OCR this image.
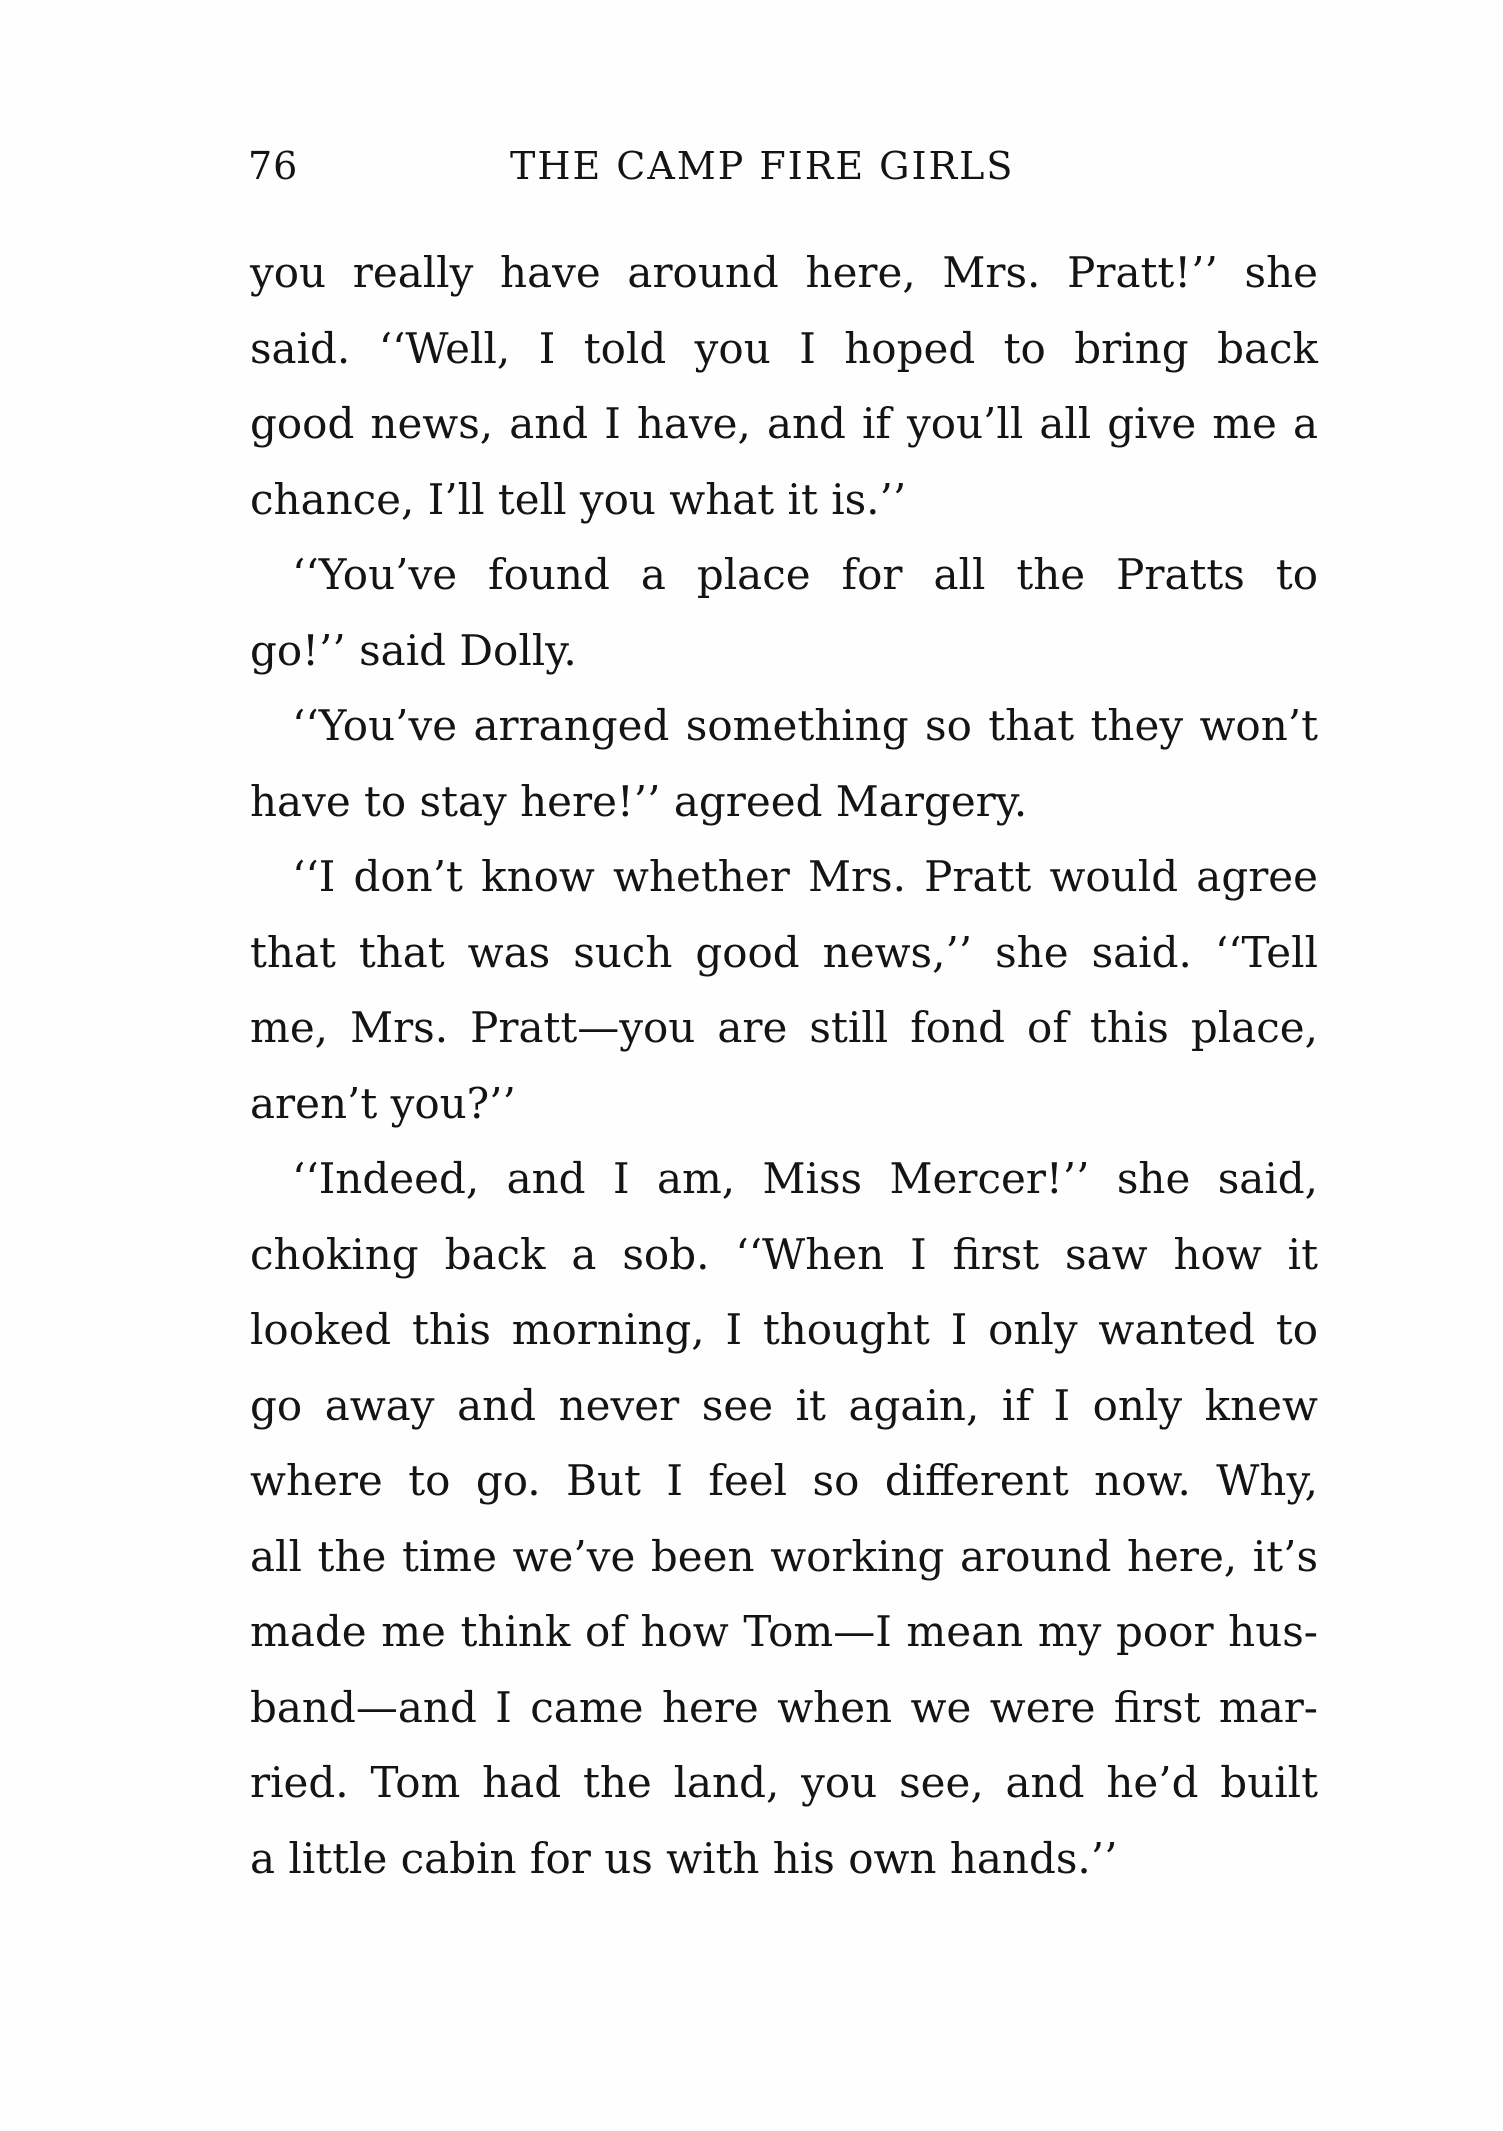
76	THE CAMP FIRE GIRLS
you really have around here, Mrs. Pratt!’’ she
said. ‘‘Well, I told you I hoped to bring back
good news, and I have, and if you’ll all give me a
chance, I’ll tell you what it is.’’
‘‘You’ve found a place for all the Pratts to
go!’’ said Dolly.
‘‘You’ve arranged something so that they won’t
have to stay here!’’ agreed Margery.
‘‘I don’t know whether Mrs. Pratt would agree
that that was such good news,’’ she said. ‘‘Tell
me, Mrs. Pratt—you are still fond of this place,
aren’t you?’’
‘‘Indeed, and I am, Miss Mercer!’’ she said,
choking back a sob. ‘‘When I first saw how it
looked this morning, I thought I only wanted to
go away and never see it again, if I only knew
where to go. But I feel so different now. Why,
all the time we’ve been working around here, it’s
made me think of how Tom—I mean my poor hus-
band—and I came here when we were first mar-
ried. Tom had the land, you see, and he’d built
a little cabin for us with his own hands.’’
